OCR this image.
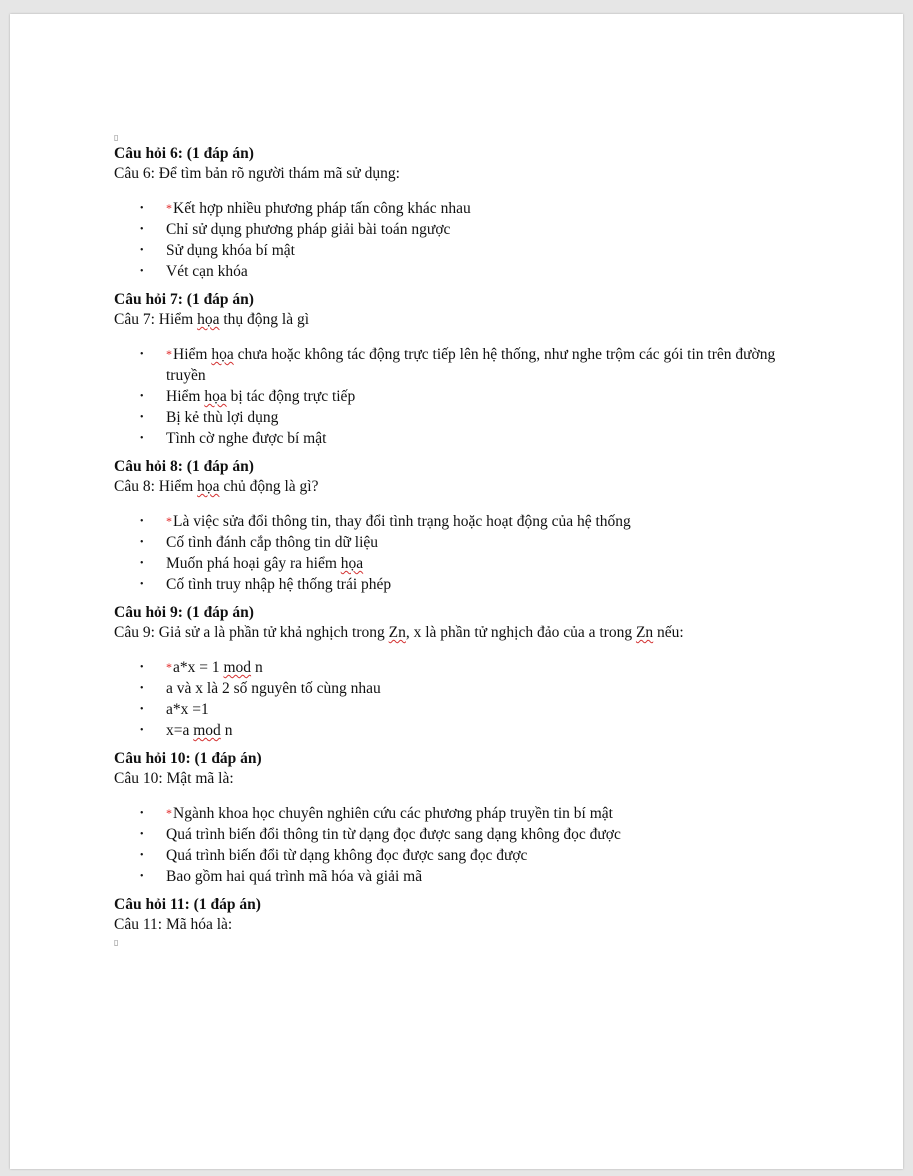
▯
Câu hỏi 6: (1 đáp án)
Câu 6: Để tìm bản rõ người thám mã sử dụng:
• *Kết hợp nhiều phương pháp tấn công khác nhau
• Chỉ sử dụng phương pháp giải bài toán ngược
• Sử dụng khóa bí mật
• Vét cạn khóa
Câu hỏi 7: (1 đáp án)
Câu 7: Hiểm họa thụ động là gì
• *Hiểm họa chưa hoặc không tác động trực tiếp lên hệ thống, như nghe trộm các gói tin trên đường truyền
• Hiểm họa bị tác động trực tiếp
• Bị kẻ thù lợi dụng
• Tình cờ nghe được bí mật
Câu hỏi 8: (1 đáp án)
Câu 8: Hiểm họa chủ động là gì?
• *Là việc sửa đổi thông tin, thay đổi tình trạng hoặc hoạt động của hệ thống
• Cố tình đánh cắp thông tin dữ liệu
• Muốn phá hoại gây ra hiểm họa
• Cố tình truy nhập hệ thống trái phép
Câu hỏi 9: (1 đáp án)
Câu 9: Giả sử a là phần tử khả nghịch trong Zn, x là phần tử nghịch đảo của a trong Zn nếu:
• *a*x = 1 mod n
• a và x là 2 số nguyên tố cùng nhau
• a*x =1
• x=a mod n
Câu hỏi 10: (1 đáp án)
Câu 10: Mật mã là:
• *Ngành khoa học chuyên nghiên cứu các phương pháp truyền tin bí mật
• Quá trình biến đổi thông tin từ dạng đọc được sang dạng không đọc được
• Quá trình biến đổi từ dạng không đọc được sang đọc được
• Bao gồm hai quá trình mã hóa và giải mã
Câu hỏi 11: (1 đáp án)
Câu 11: Mã hóa là:
▯
